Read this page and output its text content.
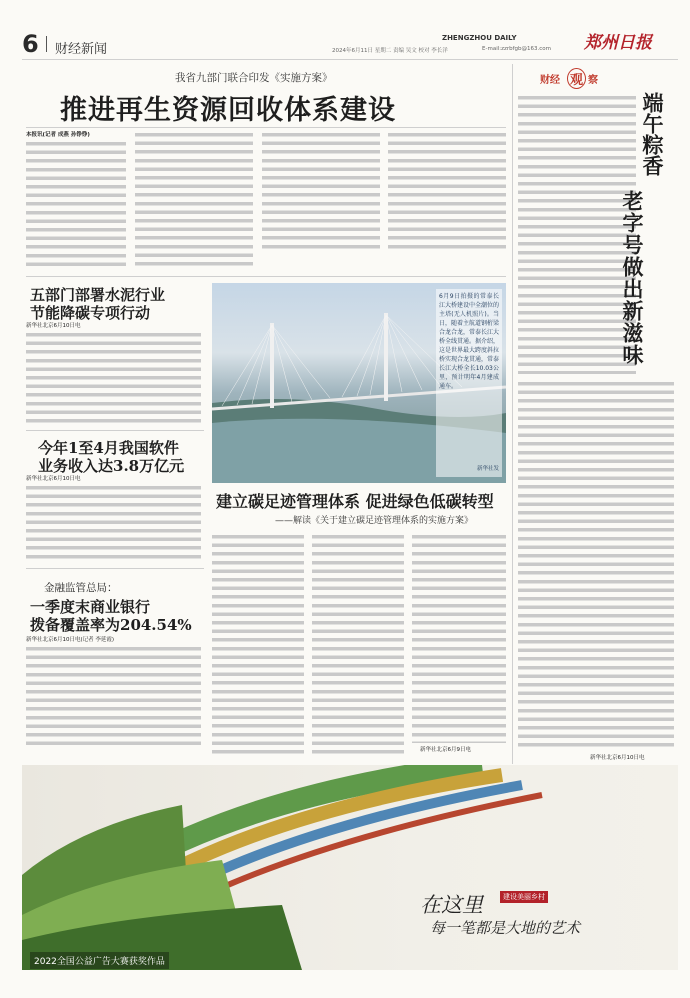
6 财经新闻
ZHENGZHOU DAILY	郑州日报
2024年6月11日 星期二 责编 吴文 校对 李长洋	E-mail:zzrbfgb@163.com
我省九部门联合印发《实施方案》
推进再生资源回收体系建设
本报讯(记者 成燕 孙铮铮)
五部门部署水泥行业
节能降碳专项行动
新华社北京6月10日电
今年1至4月我国软件
业务收入达3.8万亿元
新华社北京6月10日电
金融监管总局：
一季度末商业银行
拨备覆盖率为204.54%
新华社北京6月10日电(记者 李延霞)
6月9日拍摄的常泰长江大桥建设中全潮位的主塔(无人机照片)。当日，随着主航道钢桁梁合龙合龙，常泰长江大桥全线贯通。据介绍，这是世界最大跨度斜拉桥实现合龙贯通，常泰长江大桥全长10.03公里，预计明年4月建成通车。
新华社发
建立碳足迹管理体系 促进绿色低碳转型
——解读《关于建立碳足迹管理体系的实施方案》
新华社北京6月9日电
财经 观 察
端午粽香
老字号做出新滋味
新华社北京6月10日电
在这里
每一笔都是大地的艺术
建设美丽乡村
2022全国公益广告大赛获奖作品
